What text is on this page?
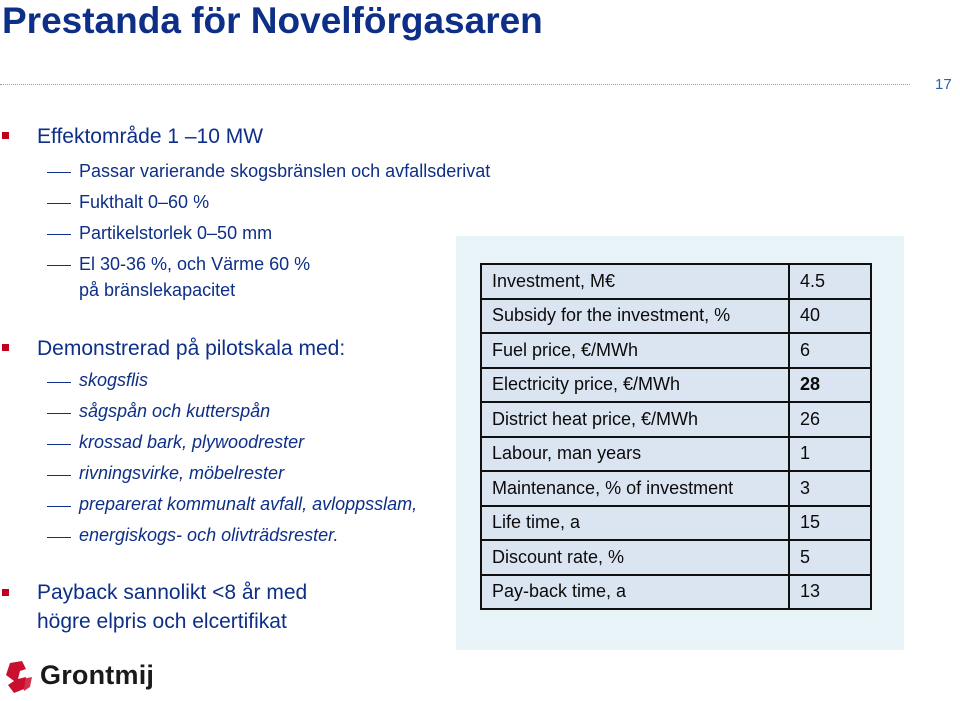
Prestanda för Novelförgasaren
17
Effektområde 1 –10 MW
Passar varierande skogsbränslen och avfallsderivat
Fukthalt 0–60 %
Partikelstorlek 0–50 mm
El 30-36 %, och Värme 60 %
på bränslekapacitet
Demonstrerad på pilotskala med:
skogsflis
sågspån och kutterspån
krossad bark, plywoodrester
rivningsvirke, möbelrester
preparerat kommunalt avfall, avloppsslam,
energiskogs- och olivträdsrester.
Investment, M€	4.5
Subsidy for the investment, %	40
Fuel price, €/MWh	6
Electricity price, €/MWh	28
District heat price, €/MWh	26
Labour, man years	1
Maintenance, % of investment	3
Life time, a	15
Discount rate, %	5
Pay-back time, a	13
Payback sannolikt <8 år med
högre elpris och elcertifikat
Grontmij
